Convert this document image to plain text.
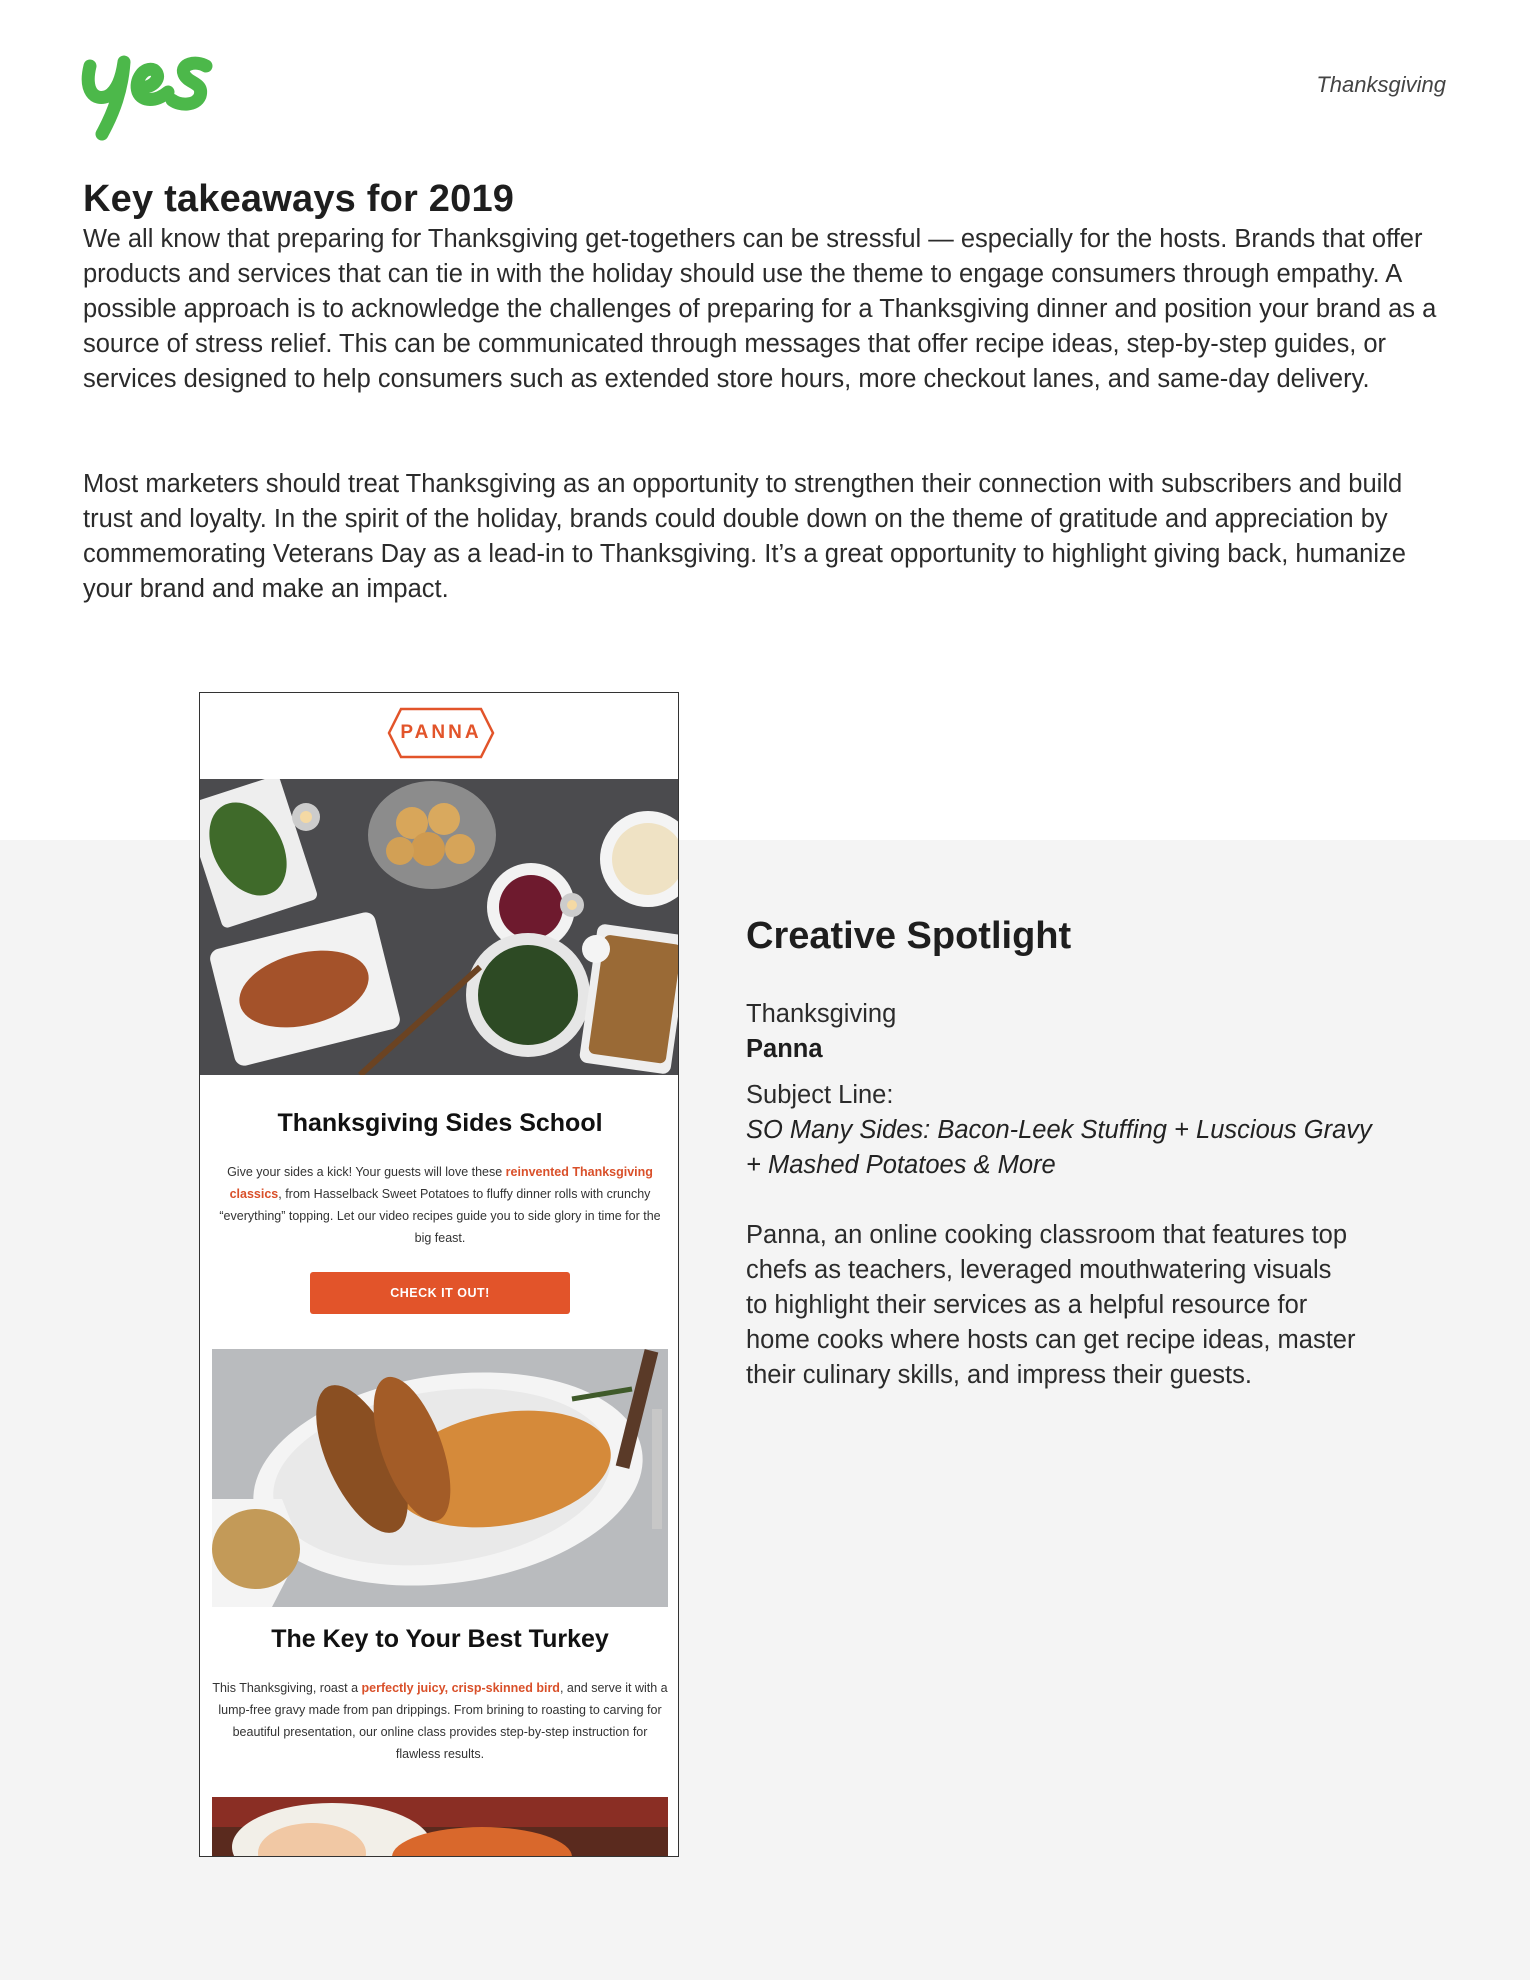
Thanksgiving
Key takeaways for 2019

We all know that preparing for Thanksgiving get-togethers can be stressful — especially for the hosts. Brands that offer products and services that can tie in with the holiday should use the theme to engage consumers through empathy. A possible approach is to acknowledge the challenges of preparing for a Thanksgiving dinner and position your brand as a source of stress relief. This can be communicated through messages that offer recipe ideas, step-by-step guides, or services designed to help consumers such as extended store hours, more checkout lanes, and same-day delivery.

Most marketers should treat Thanksgiving as an opportunity to strengthen their connection with subscribers and build trust and loyalty. In the spirit of the holiday, brands could double down on the theme of gratitude and appreciation by commemorating Veterans Day as a lead-in to Thanksgiving. It’s a great opportunity to highlight giving back, humanize your brand and make an impact.

PANNA
Thanksgiving Sides School

Give your sides a kick! Your guests will love these reinvented Thanksgiving classics, from Hasselback Sweet Potatoes to fluffy dinner rolls with crunchy “everything” topping. Let our video recipes guide you to side glory in time for the big feast.

CHECK IT OUT!
The Key to Your Best Turkey

This Thanksgiving, roast a perfectly juicy, crisp-skinned bird, and serve it with a lump-free gravy made from pan drippings. From brining to roasting to carving for beautiful presentation, our online class provides step-by-step instruction for flawless results.

Creative Spotlight
Thanksgiving
Panna
Subject Line:
SO Many Sides: Bacon-Leek Stuffing + Luscious Gravy + Mashed Potatoes & More

Panna, an online cooking classroom that features top chefs as teachers, leveraged mouthwatering visuals to highlight their services as a helpful resource for home cooks where hosts can get recipe ideas, master their culinary skills, and impress their guests.
